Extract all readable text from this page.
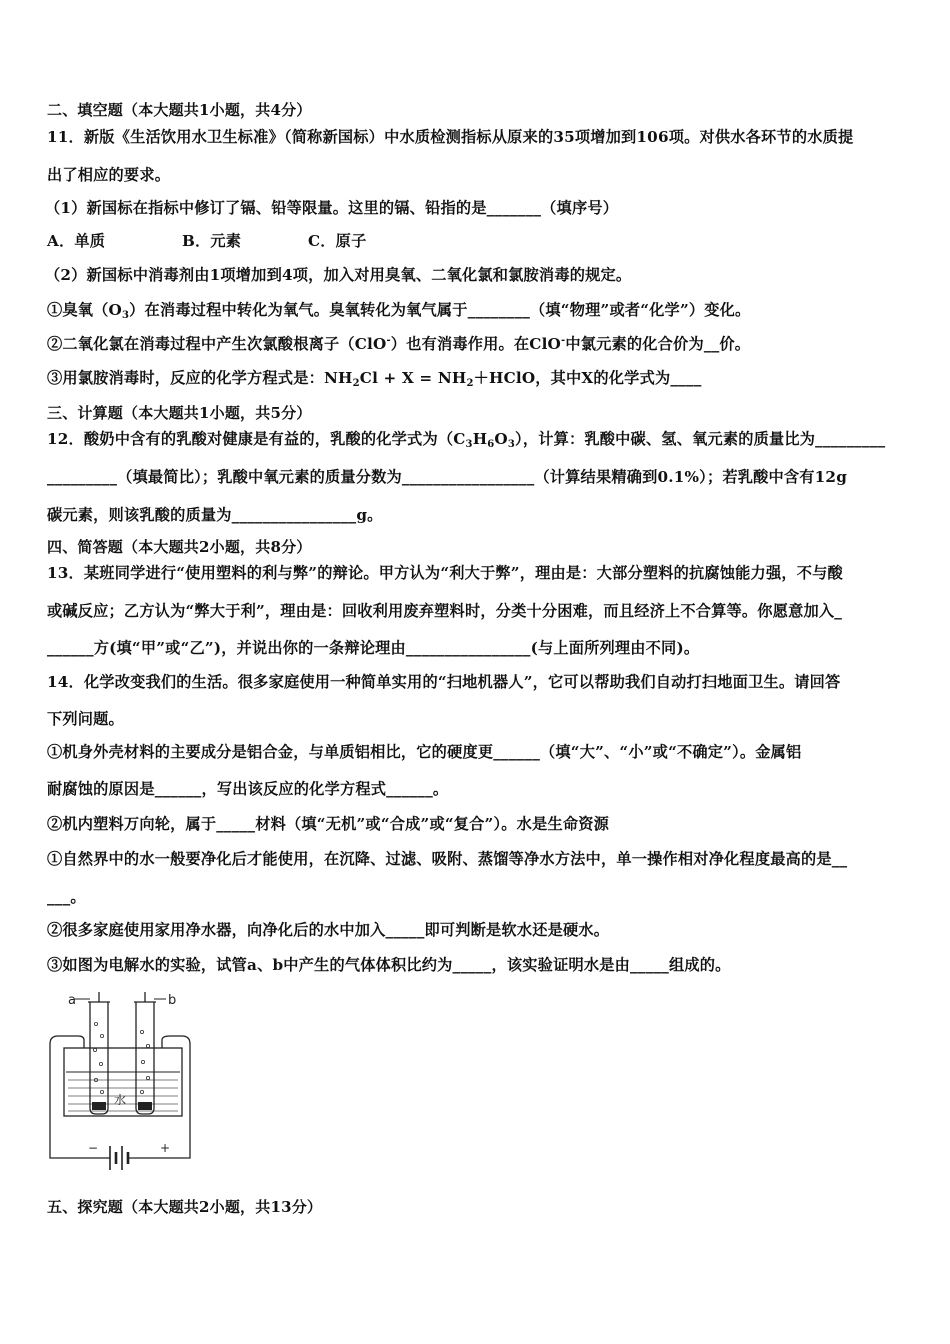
二、填空题（本大题共1小题，共4分）
11．新版《生活饮用水卫生标准》（简称新国标）中水质检测指标从原来的35项增加到106项。对供水各环节的水质提
出了相应的要求。
（1）新国标在指标中修订了镉、铅等限量。这里的镉、铅指的是_______（填序号）
A．单质	B．元素	C．原子
（2）新国标中消毒剂由1项增加到4项，加入对用臭氧、二氧化氯和氯胺消毒的规定。
①臭氧$(O_3)$在消毒过程中转化为氧气。臭氧转化为氧气属于________（填“物理”或者“化学”）变化。
②二氧化氯在消毒过程中产生次氯酸根离子（ClO-）也有消毒作用。在ClO-中氯元素的化合价为__价。
③用氯胺消毒时，反应的化学方程式是：$NH_2Cl + X$ = $NH_2+HClO$，其中X的化学式为____
三、计算题（本大题共1小题，共5分）
12．酸奶中含有的乳酸对健康是有益的，乳酸的化学式为$(C_3H_6O_3)$，计算：乳酸中碳、氢、氧元素的质量比为_________
_________（填最简比）；乳酸中氧元素的质量分数为_________________（计算结果精确到0.1%）；若乳酸中含有12g
碳元素，则该乳酸的质量为________________g。
四、简答题（本大题共2小题，共8分）
13．某班同学进行“使用塑料的利与弊”的辩论。甲方认为“利大于弊”，理由是：大部分塑料的抗腐蚀能力强，不与酸
或碱反应；乙方认为“弊大于利”，理由是：回收利用废弃塑料时，分类十分困难，而且经济上不合算等。你愿意加入_
______方(填“甲”或“乙”)，并说出你的一条辩论理由________________(与上面所列理由不同)。
14．化学改变我们的生活。很多家庭使用一种简单实用的“扫地机器人”，它可以帮助我们自动打扫地面卫生。请回答
下列问题。
①机身外壳材料的主要成分是铝合金，与单质铝相比，它的硬度更______（填“大”、“小”或“不确定”）。金属铝
耐腐蚀的原因是______，写出该反应的化学方程式______。
②机内塑料万向轮，属于_____材料（填“无机”或“合成”或“复合”）。水是生命资源
①自然界中的水一般要净化后才能使用，在沉降、过滤、吸附、蒸馏等净水方法中，单一操作相对净化程度最高的是__
___。
②很多家庭使用家用净水器，向净化后的水中加入_____即可判断是软水还是硬水。
③如图为电解水的实验，试管a、b中产生的气体体积比约为_____，该实验证明水是由_____组成的。
a	b
水
−	+
五、探究题（本大题共2小题，共13分）
